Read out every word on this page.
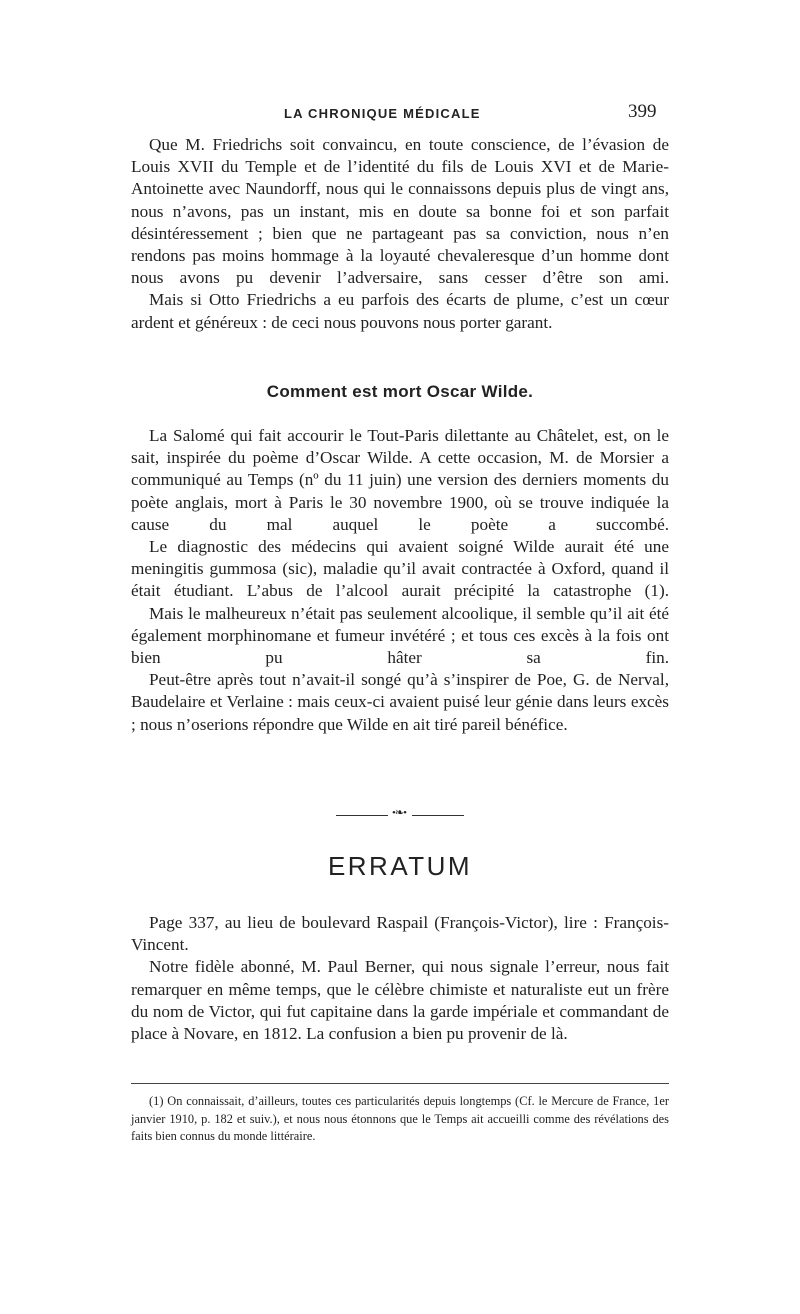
LA CHRONIQUE MÉDICALE	399

Que M. Friedrichs soit convaincu, en toute conscience, de l’évasion de Louis XVII du Temple et de l’identité du fils de Louis XVI et de Marie-Antoinette avec Naundorff, nous qui le connaissons depuis plus de vingt ans, nous n’avons, pas un instant, mis en doute sa bonne foi et son parfait désintéressement ; bien que ne partageant pas sa conviction, nous n’en rendons pas moins hommage à la loyauté chevaleresque d’un homme dont nous avons pu devenir l’adversaire, sans cesser d’être son ami.

Mais si Otto Friedrichs a eu parfois des écarts de plume, c’est un cœur ardent et généreux : de ceci nous pouvons nous porter garant.

Comment est mort Oscar Wilde.

La Salomé qui fait accourir le Tout-Paris dilettante au Châtelet, est, on le sait, inspirée du poème d’Oscar Wilde. A cette occasion, M. de Morsier a communiqué au Temps (nº du 11 juin) une version des derniers moments du poète anglais, mort à Paris le 30 novembre 1900, où se trouve indiquée la cause du mal auquel le poète a succombé.

Le diagnostic des médecins qui avaient soigné Wilde aurait été une meningitis gummosa (sic), maladie qu’il avait contractée à Oxford, quand il était étudiant. L’abus de l’alcool aurait précipité la catastrophe (1).

Mais le malheureux n’était pas seulement alcoolique, il semble qu’il ait été également morphinomane et fumeur invétéré ; et tous ces excès à la fois ont bien pu hâter sa fin.

Peut-être après tout n’avait-il songé qu’à s’inspirer de Poe, G. de Nerval, Baudelaire et Verlaine : mais ceux-ci avaient puisé leur génie dans leurs excès ; nous n’oserions répondre que Wilde en ait tiré pareil bénéfice.

•❧•
ERRATUM

Page 337, au lieu de boulevard Raspail (François-Victor), lire : François-Vincent.

Notre fidèle abonné, M. Paul Berner, qui nous signale l’erreur, nous fait remarquer en même temps, que le célèbre chimiste et naturaliste eut un frère du nom de Victor, qui fut capitaine dans la garde impériale et commandant de place à Novare, en 1812. La confusion a bien pu provenir de là.

(1) On connaissait, d’ailleurs, toutes ces particularités depuis longtemps (Cf. le Mercure de France, 1er janvier 1910, p. 182 et suiv.), et nous nous étonnons que le Temps ait accueilli comme des révélations des faits bien connus du monde littéraire.
